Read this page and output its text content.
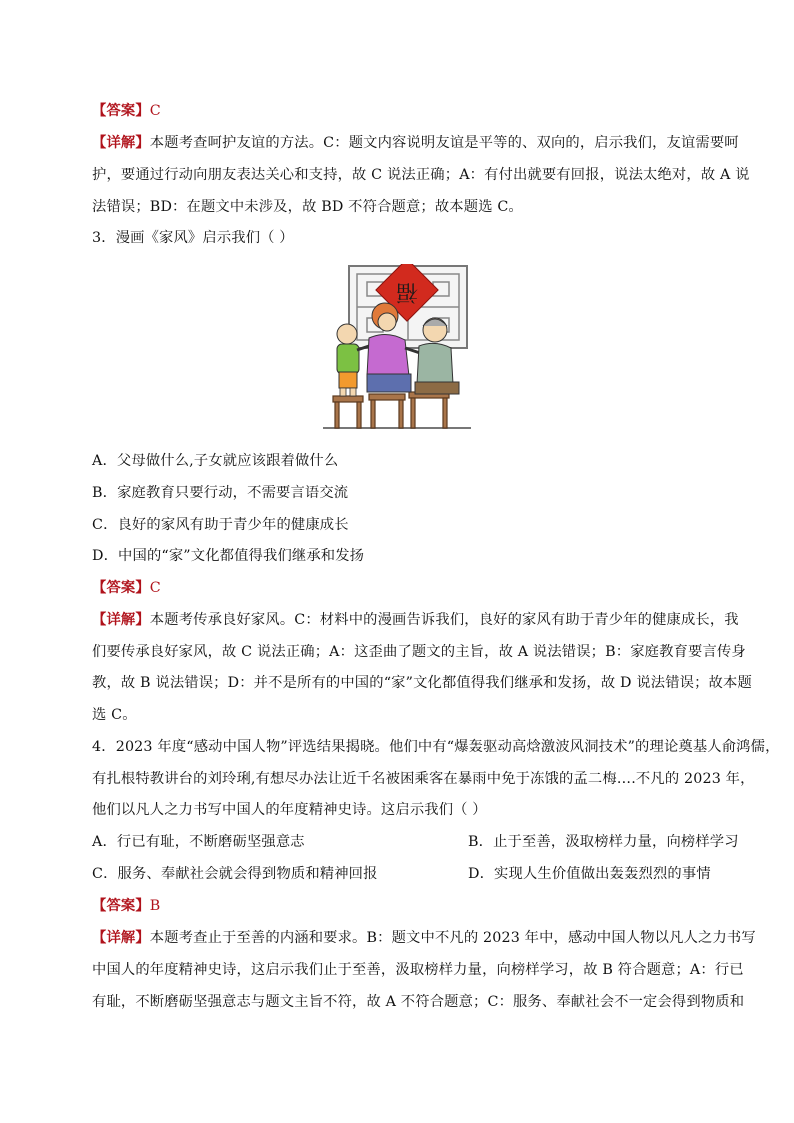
【答案】C
【详解】本题考查呵护友谊的方法。C：题文内容说明友谊是平等的、双向的，启示我们，友谊需要呵
护，要通过行动向朋友表达关心和支持，故 C 说法正确；A：有付出就要有回报，说法太绝对，故 A 说
法错误；BD：在题文中未涉及，故 BD 不符合题意；故本题选 C。
3．漫画《家风》启示我们（ ）
福
A．父母做什么,子女就应该跟着做什么
B．家庭教育只要行动，不需要言语交流
C．良好的家风有助于青少年的健康成长
D．中国的“家”文化都值得我们继承和发扬
【答案】C
【详解】本题考传承良好家风。C：材料中的漫画告诉我们，良好的家风有助于青少年的健康成长，我
们要传承良好家风，故 C 说法正确；A：这歪曲了题文的主旨，故 A 说法错误；B：家庭教育要言传身
教，故 B 说法错误；D：并不是所有的中国的“家”文化都值得我们继承和发扬，故 D 说法错误；故本题
选 C。
4．2023 年度“感动中国人物”评选结果揭晓。他们中有“爆轰驱动高焓激波风洞技术”的理论奠基人俞鸿儒，
有扎根特教讲台的刘玲琍,有想尽办法让近千名被困乘客在暴雨中免于冻饿的孟二梅….不凡的 2023 年，
他们以凡人之力书写中国人的年度精神史诗。这启示我们（ ）
A．行已有耻，不断磨砺坚强意志	B．止于至善，汲取榜样力量，向榜样学习
C．服务、奉献社会就会得到物质和精神回报	D．实现人生价值做出轰轰烈烈的事情
【答案】B
【详解】本题考查止于至善的内涵和要求。B：题文中不凡的 2023 年中，感动中国人物以凡人之力书写
中国人的年度精神史诗，这启示我们止于至善，汲取榜样力量，向榜样学习，故 B 符合题意；A：行已
有耻，不断磨砺坚强意志与题文主旨不符，故 A 不符合题意；C：服务、奉献社会不一定会得到物质和
